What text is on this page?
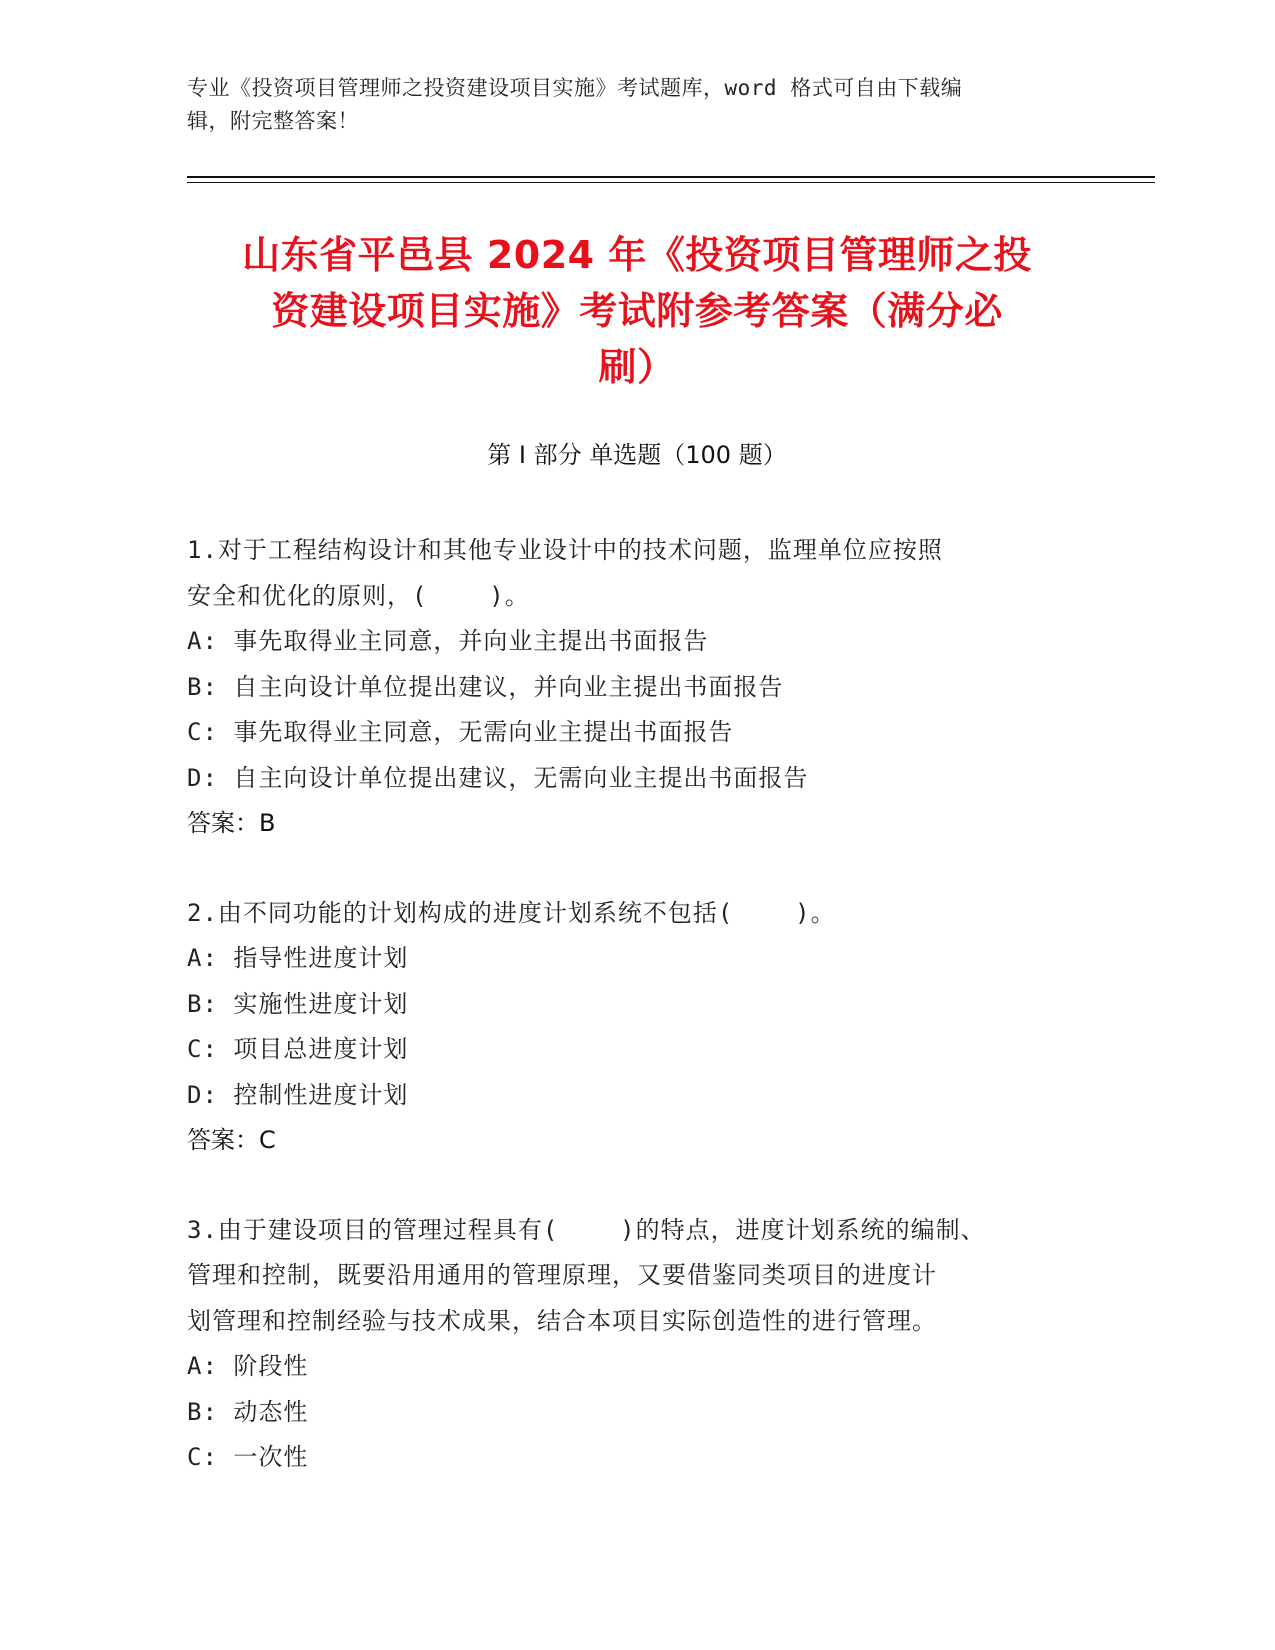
专业《投资项目管理师之投资建设项目实施》考试题库，word 格式可自由下载编
辑，附完整答案！
山东省平邑县 2024 年《投资项目管理师之投
资建设项目实施》考试附参考答案（满分必
刷）
第 I 部分 单选题（100 题）
1.对于工程结构设计和其他专业设计中的技术问题，监理单位应按照
安全和优化的原则，(    )。
A: 事先取得业主同意，并向业主提出书面报告
B: 自主向设计单位提出建议，并向业主提出书面报告
C: 事先取得业主同意，无需向业主提出书面报告
D: 自主向设计单位提出建议，无需向业主提出书面报告
答案：B
2.由不同功能的计划构成的进度计划系统不包括(    )。
A: 指导性进度计划
B: 实施性进度计划
C: 项目总进度计划
D: 控制性进度计划
答案：C
3.由于建设项目的管理过程具有(    )的特点，进度计划系统的编制、
管理和控制，既要沿用通用的管理原理，又要借鉴同类项目的进度计
划管理和控制经验与技术成果，结合本项目实际创造性的进行管理。
A: 阶段性
B: 动态性
C: 一次性
